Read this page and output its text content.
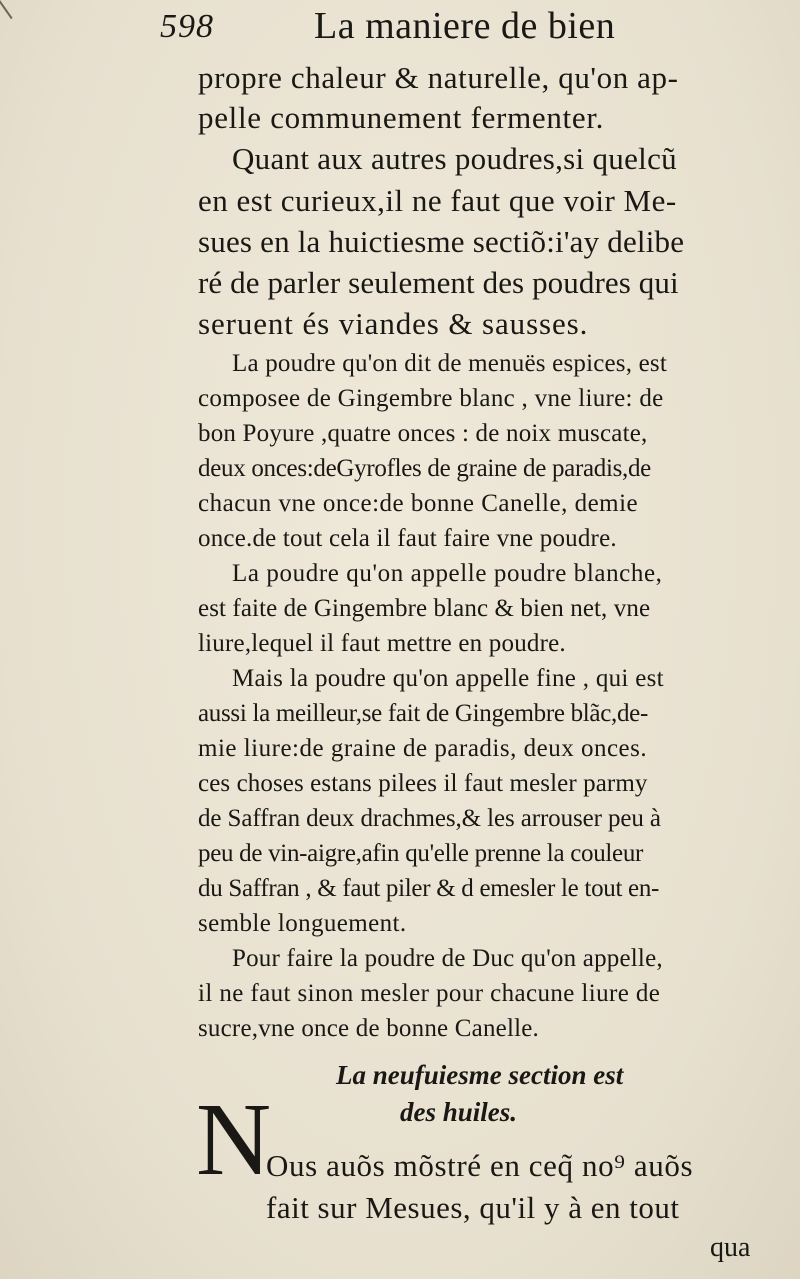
598	La maniere de bien
propre chaleur & naturelle, qu'on ap-
pelle communement fermenter.
Quant aux autres poudres,si quelcũ
en est curieux,il ne faut que voir Me-
sues en la huictiesme sectiõ:i'ay delibe
ré de parler seulement des poudres qui
seruent és viandes & sausses.
La poudre qu'on dit de menuës espices, est
composee de Gingembre blanc , vne liure: de
bon Poyure ,quatre onces : de noix muscate,
deux onces:deGyrofles de graine de paradis,de
chacun vne once:de bonne Canelle, demie
once.de tout cela il faut faire vne poudre.
La poudre qu'on appelle poudre blanche,
est faite de Gingembre blanc & bien net, vne
liure,lequel il faut mettre en poudre.
Mais la poudre qu'on appelle fine , qui est
aussi la meilleur,se fait de Gingembre blãc,de-
mie liure:de graine de paradis, deux onces.
ces choses estans pilees il faut mesler parmy
de Saffran deux drachmes,& les arrouser peu à
peu de vin-aigre,afin qu'elle prenne la couleur
du Saffran , & faut piler & d emesler le tout en-
semble longuement.
Pour faire la poudre de Duc qu'on appelle,
il ne faut sinon mesler pour chacune liure de
sucre,vne once de bonne Canelle.
La neufuiesme section est
des huiles.
N
Ous auõs mõstré en ceq̃ no⁹ auõs
fait sur Mesues, qu'il y à en tout
qua
